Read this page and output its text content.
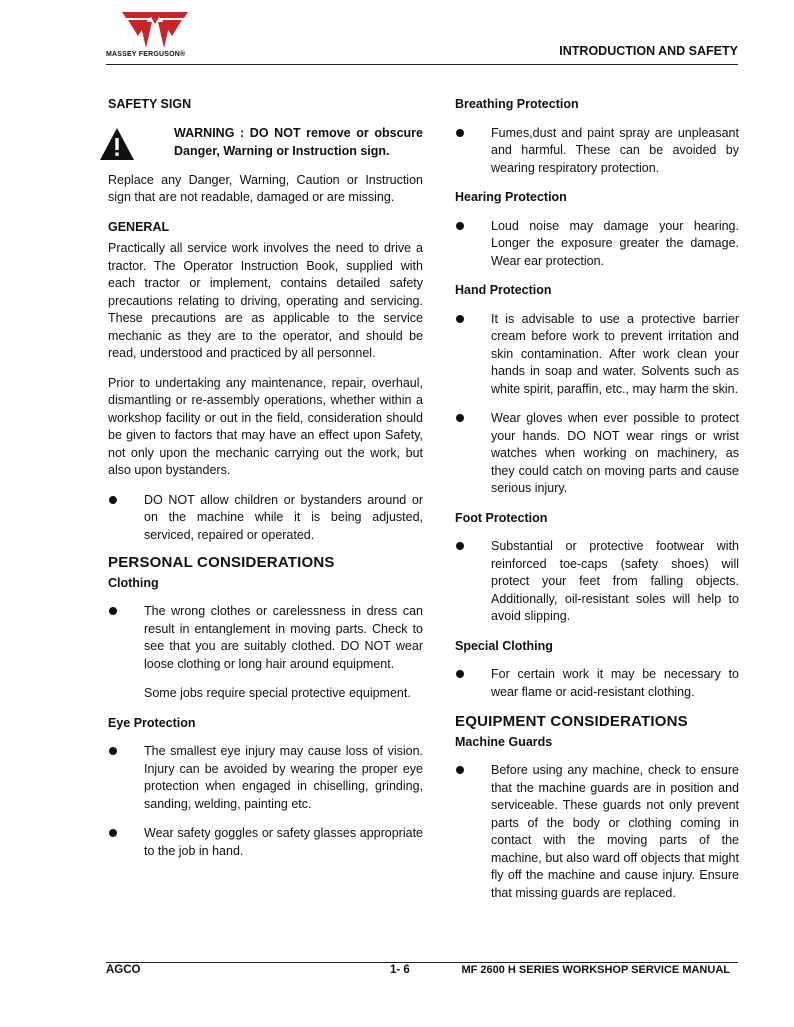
MASSEY FERGUSON®	INTRODUCTION AND SAFETY
SAFETY SIGN
WARNING : DO NOT remove or obscure Danger, Warning or Instruction sign.

Replace any Danger, Warning, Caution or Instruction sign that are not readable, damaged or are missing.

GENERAL

Practically all service work involves the need to drive a tractor. The Operator Instruction Book, supplied with each tractor or implement, contains detailed safety precautions relating to driving, operating and servicing. These precautions are as applicable to the service mechanic as they are to the operator, and should be read, understood and practiced by all personnel.

Prior to undertaking any maintenance, repair, overhaul, dismantling or re-assembly operations, whether within a workshop facility or out in the field, consideration should be given to factors that may have an effect upon Safety, not only upon the mechanic carrying out the work, but also upon bystanders.

DO NOT allow children or bystanders around or on the machine while it is being adjusted, serviced, repaired or operated.
PERSONAL CONSIDERATIONS
Clothing
The wrong clothes or carelessness in dress can result in entanglement in moving parts. Check to see that you are suitably clothed. DO NOT wear loose clothing or long hair around equipment.

Some jobs require special protective equipment.

Eye Protection
The smallest eye injury may cause loss of vision. Injury can be avoided by wearing the proper eye protection when engaged in chiselling, grinding, sanding, welding, painting etc.
Wear safety goggles or safety glasses appropriate to the job in hand.
Breathing Protection
Fumes,dust and paint spray are unpleasant and harmful. These can be avoided by wearing respiratory protection.
Hearing Protection
Loud noise may damage your hearing. Longer the exposure greater the damage. Wear ear protection.
Hand Protection
It is advisable to use a protective barrier cream before work to prevent irritation and skin contamination. After work clean your hands in soap and water. Solvents such as white spirit, paraffin, etc., may harm the skin.
Wear gloves when ever possible to protect your hands. DO NOT wear rings or wrist watches when working on machinery, as they could catch on moving parts and cause serious injury.
Foot Protection
Substantial or protective footwear with reinforced toe-caps (safety shoes) will protect your feet from falling objects. Additionally, oil-resistant soles will help to avoid slipping.
Special Clothing
For certain work it may be necessary to wear flame or acid-resistant clothing.
EQUIPMENT CONSIDERATIONS
Machine Guards
Before using any machine, check to ensure that the machine guards are in position and serviceable. These guards not only prevent parts of the body or clothing coming in contact with the moving parts of the machine, but also ward off objects that might fly off the machine and cause injury. Ensure that missing guards are replaced.
AGCO	1- 6	MF 2600 H SERIES WORKSHOP SERVICE MANUAL
